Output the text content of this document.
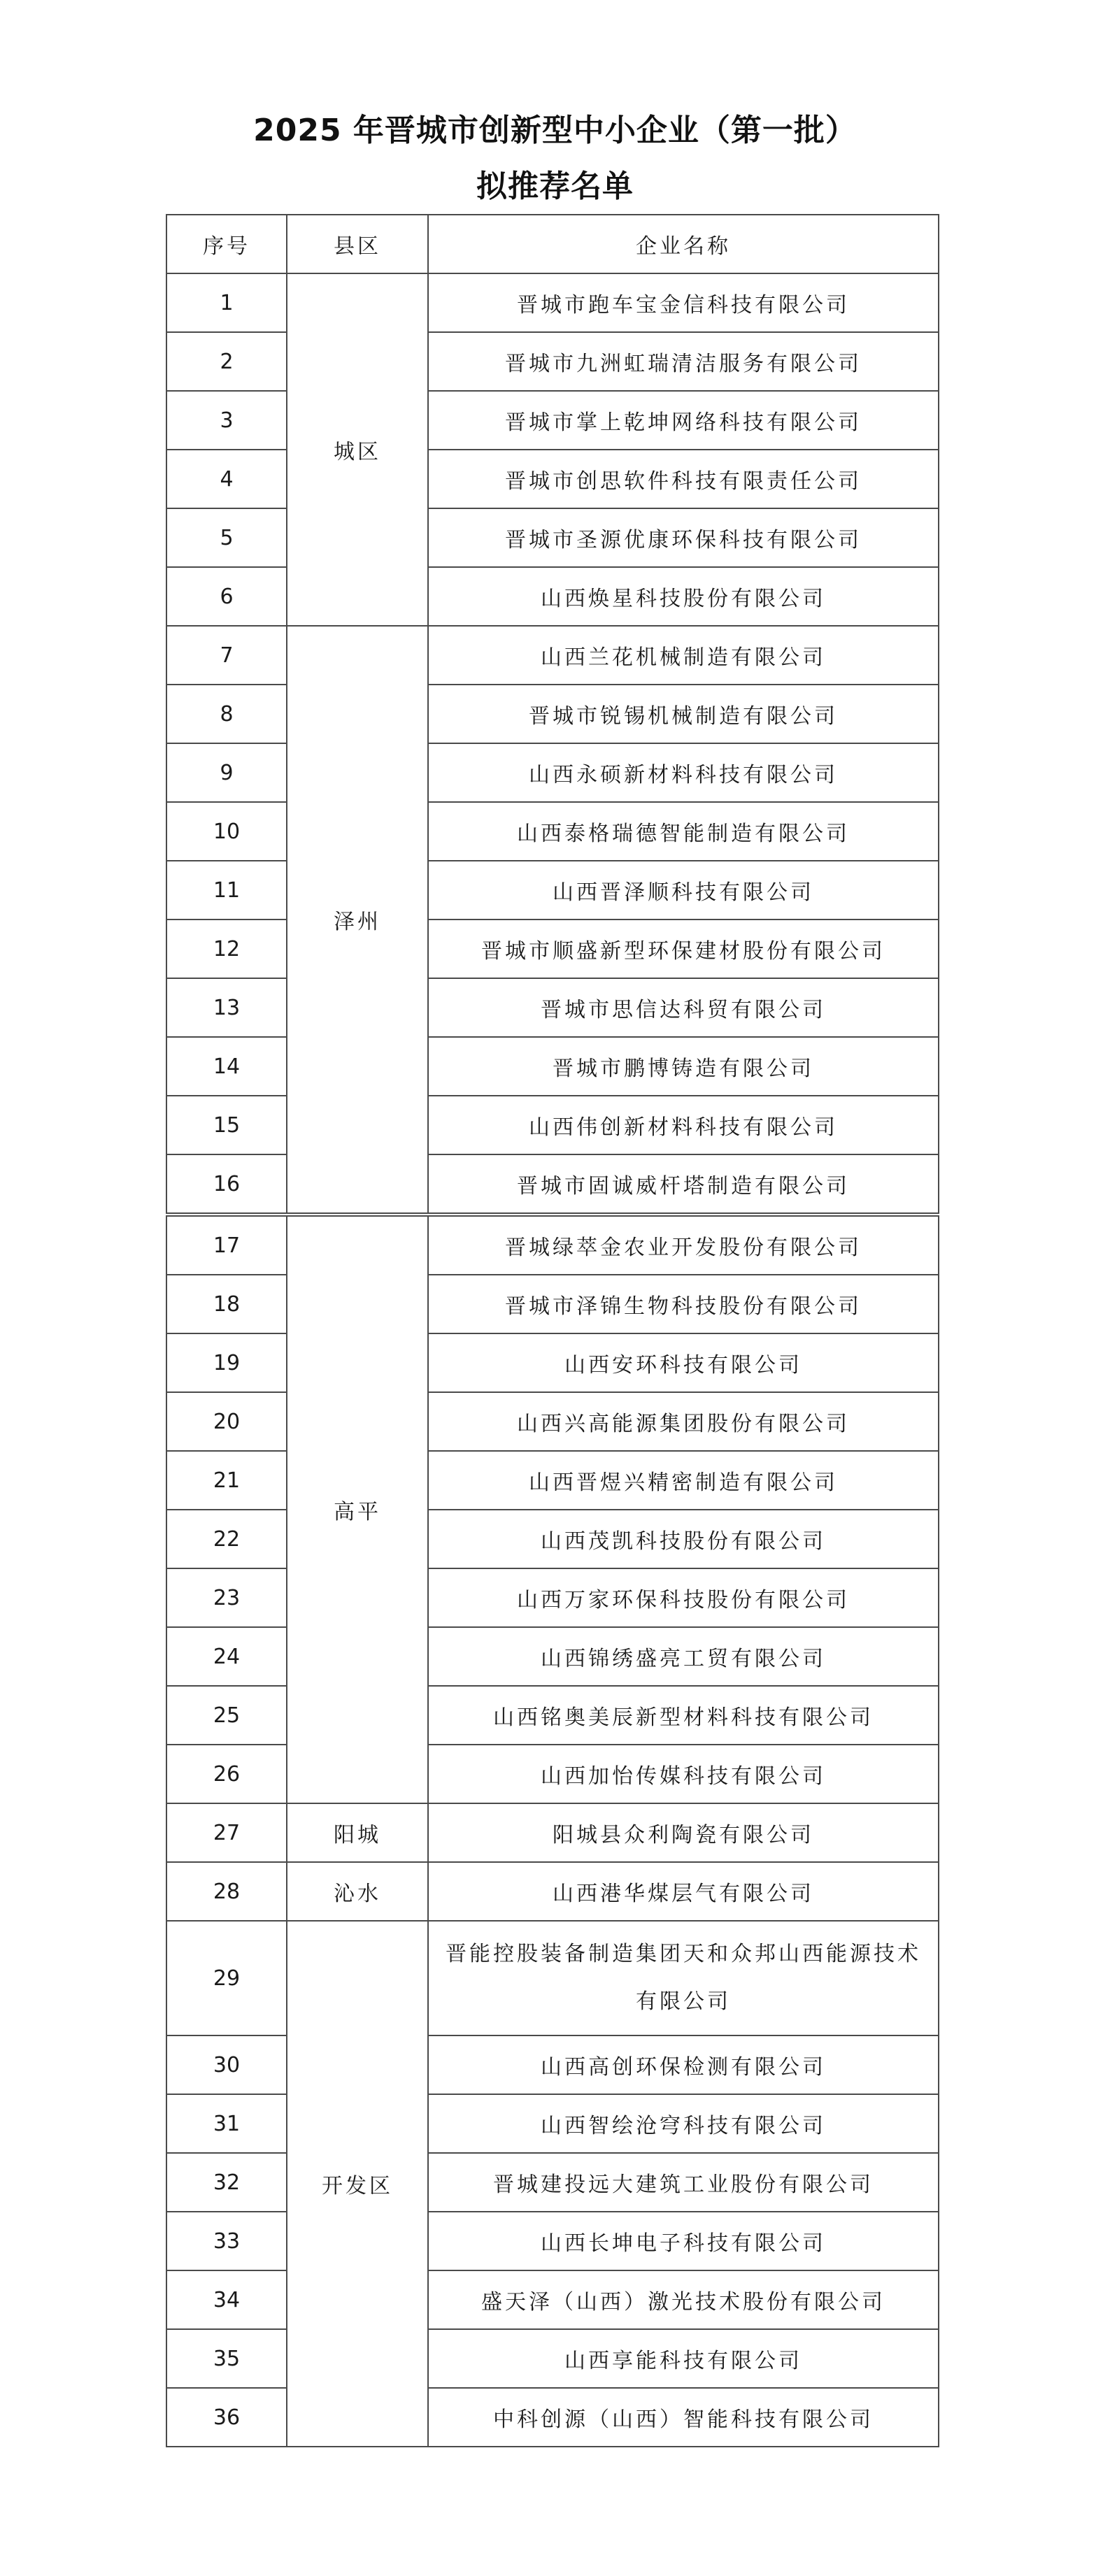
2025 年晋城市创新型中小企业（第一批）
拟推荐名单
序号	县区	企业名称
1	城区	晋城市跑车宝金信科技有限公司
2		晋城市九洲虹瑞清洁服务有限公司
3		晋城市掌上乾坤网络科技有限公司
4		晋城市创思软件科技有限责任公司
5		晋城市圣源优康环保科技有限公司
6		山西焕星科技股份有限公司
7	泽州	山西兰花机械制造有限公司
8		晋城市锐锡机械制造有限公司
9		山西永硕新材料科技有限公司
10		山西泰格瑞德智能制造有限公司
11		山西晋泽顺科技有限公司
12		晋城市顺盛新型环保建材股份有限公司
13		晋城市思信达科贸有限公司
14		晋城市鹏博铸造有限公司
15		山西伟创新材料科技有限公司
16		晋城市固诚威杆塔制造有限公司
17	高平	晋城绿萃金农业开发股份有限公司
18		晋城市泽锦生物科技股份有限公司
19		山西安环科技有限公司
20		山西兴高能源集团股份有限公司
21		山西晋煜兴精密制造有限公司
22		山西茂凯科技股份有限公司
23		山西万家环保科技股份有限公司
24		山西锦绣盛亮工贸有限公司
25		山西铭奥美辰新型材料科技有限公司
26		山西加怡传媒科技有限公司
27	阳城	阳城县众利陶瓷有限公司
28	沁水	山西港华煤层气有限公司
29	开发区	晋能控股装备制造集团天和众邦山西能源技术有限公司
30		山西高创环保检测有限公司
31		山西智绘沧穹科技有限公司
32		晋城建投远大建筑工业股份有限公司
33		山西长坤电子科技有限公司
34		盛天泽（山西）激光技术股份有限公司
35		山西享能科技有限公司
36		中科创源（山西）智能科技有限公司
